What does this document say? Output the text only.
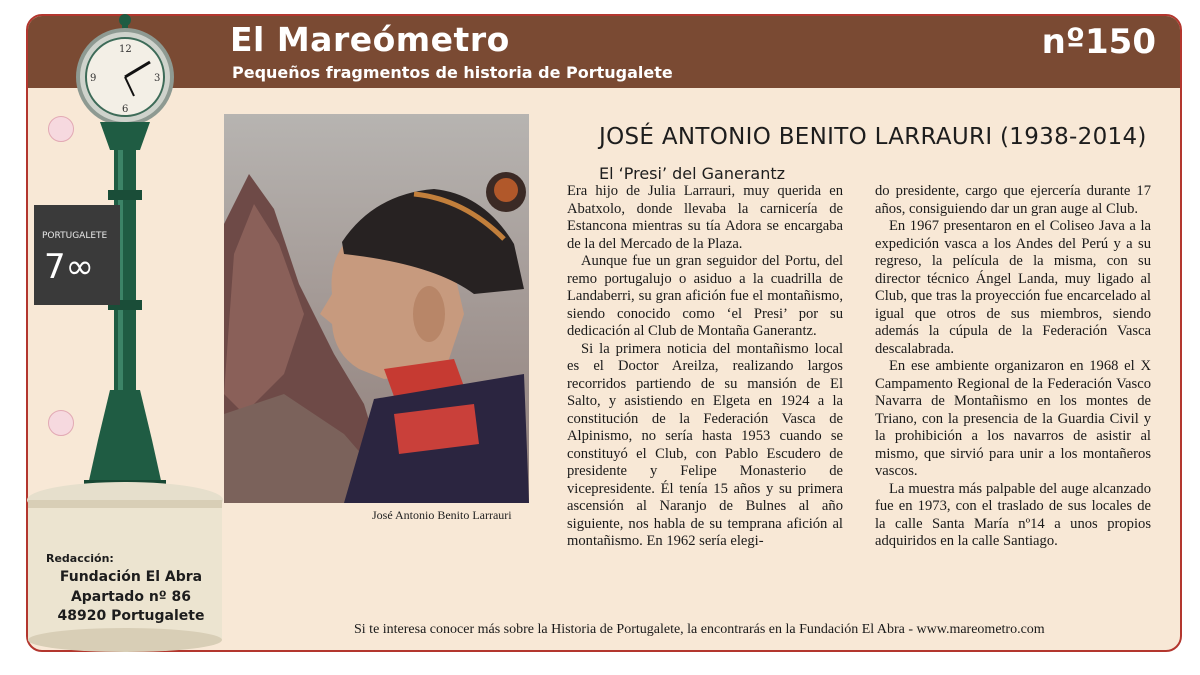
El Mareómetro
Pequeños fragmentos de historia de Portugalete
nº150
JOSÉ ANTONIO BENITO LARRAURI (1938-2014)
El ‘Presi’ del Ganerantz

Era hijo de Julia Larrauri, muy querida en Abatxolo, donde llevaba la carnicería de Estancona mientras su tía Adora se encargaba de la del Mercado de la Plaza.

Aunque fue un gran seguidor del Portu, del remo portugalujo o asiduo a la cuadrilla de Landaberri, su gran afición fue el montañismo, siendo conocido como ‘el Presi’ por su dedicación al Club de Montaña Ganerantz.

Si la primera noticia del montañismo local es el Doctor Areilza, realizando largos recorridos partiendo de su mansión de El Salto, y asistiendo en Elgeta en 1924 a la constitución de la Federación Vasca de Alpinismo, no sería hasta 1953 cuando se constituyó el Club, con Pablo Escudero de presidente y Felipe Monasterio de vicepresidente. Él tenía 15 años y su primera ascensión al Naranjo de Bulnes al año siguiente, nos habla de su temprana afición al montañismo. En 1962 sería elegi-

do presidente, cargo que ejercería durante 17 años, consiguiendo dar un gran auge al Club.

En 1967 presentaron en el Coliseo Java a la expedición vasca a los Andes del Perú y a su regreso, la película de la misma, con su director técnico Ángel Landa, muy ligado al Club, que tras la proyección fue encarcelado al igual que otros de sus miembros, siendo además la cúpula de la Federación Vasca descalabrada.

En ese ambiente organizaron en 1968 el X Campamento Regional de la Federación Vasco Navarra de Montañismo en los montes de Triano, con la presencia de la Guardia Civil y la prohibición a los navarros de asistir al mismo, que sirvió para unir a los montañeros vascos.

La muestra más palpable del auge alcanzado fue en 1973, con el traslado de sus locales de la calle Santa María nº14 a unos propios adquiridos en la calle Santiago.

Si te interesa conocer más sobre la Historia de Portugalete, la encontrarás en la Fundación El Abra - www.mareometro.com
José Antonio Benito Larrauri
12
6
9	3
PORTUGALETE
7∞
Redacción:
Fundación El Abra
Apartado nº 86
48920 Portugalete
